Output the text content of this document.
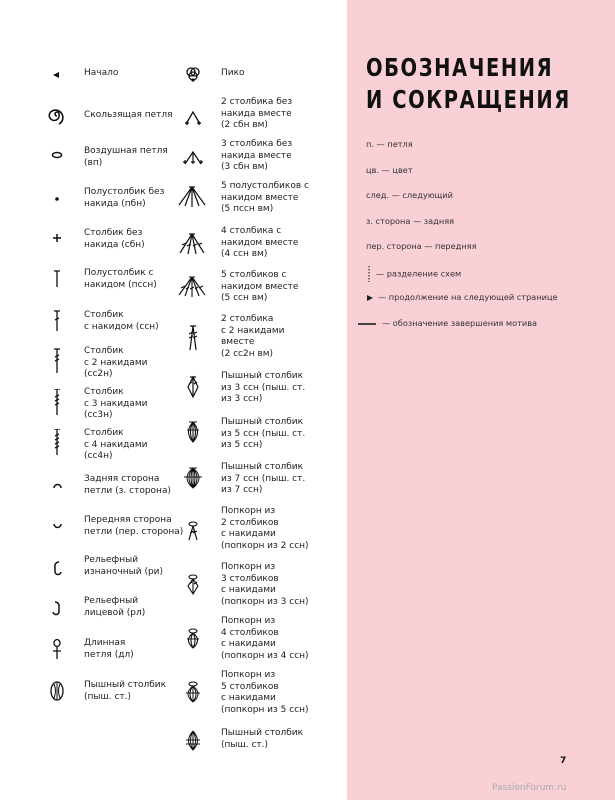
ОБОЗНАЧЕНИЯ
И СОКРАЩЕНИЯ
п. — петля
цв. — цвет
след. — следующий
з. сторона — задняя
пер. сторона — передняя
— разделение схем
— продолжение на следующей странице
— обозначение завершения мотива
7
PassionForum.ru
Начало
Скользящая петля
Воздушная петля
(вп)
Полустолбик без
накида (пбн)
Столбик без
накида (сбн)
Полустолбик с
накидом (пссн)
Столбик
с накидом (ссн)
Столбик
с 2 накидами
(сс2н)
Столбик
с 3 накидами
(сс3н)
Столбик
с 4 накидами
(сс4н)
Задняя сторона
петли (з. сторона)
Передняя сторона
петли (пер. сторона)
Рельефный
изнаночный (ри)
Рельефный
лицевой (рл)
Длинная
петля (дл)
Пышный столбик
(пыш. ст.)
Пико
2 столбика без
накида вместе
(2 сбн вм)
3 столбика без
накида вместе
(3 сбн вм)
5 полустолбиков с
накидом вместе
(5 пссн вм)
4 столбика с
накидом вместе
(4 ссн вм)
5 столбиков с
накидом вместе
(5 ссн вм)
2 столбика
с 2 накидами
вместе
(2 сс2н вм)
Пышный столбик
из 3 ссн (пыш. ст.
из 3 ссн)
Пышный столбик
из 5 ссн (пыш. ст.
из 5 ссн)
Пышный столбик
из 7 ссн (пыш. ст.
из 7 ссн)
Попкорн из
2 столбиков
с накидами
(попкорн из 2 ссн)
Попкорн из
3 столбиков
с накидами
(попкорн из 3 ссн)
Попкорн из
4 столбиков
с накидами
(попкорн из 4 ссн)
Попкорн из
5 столбиков
с накидами
(попкорн из 5 ссн)
Пышный столбик
(пыш. ст.)
